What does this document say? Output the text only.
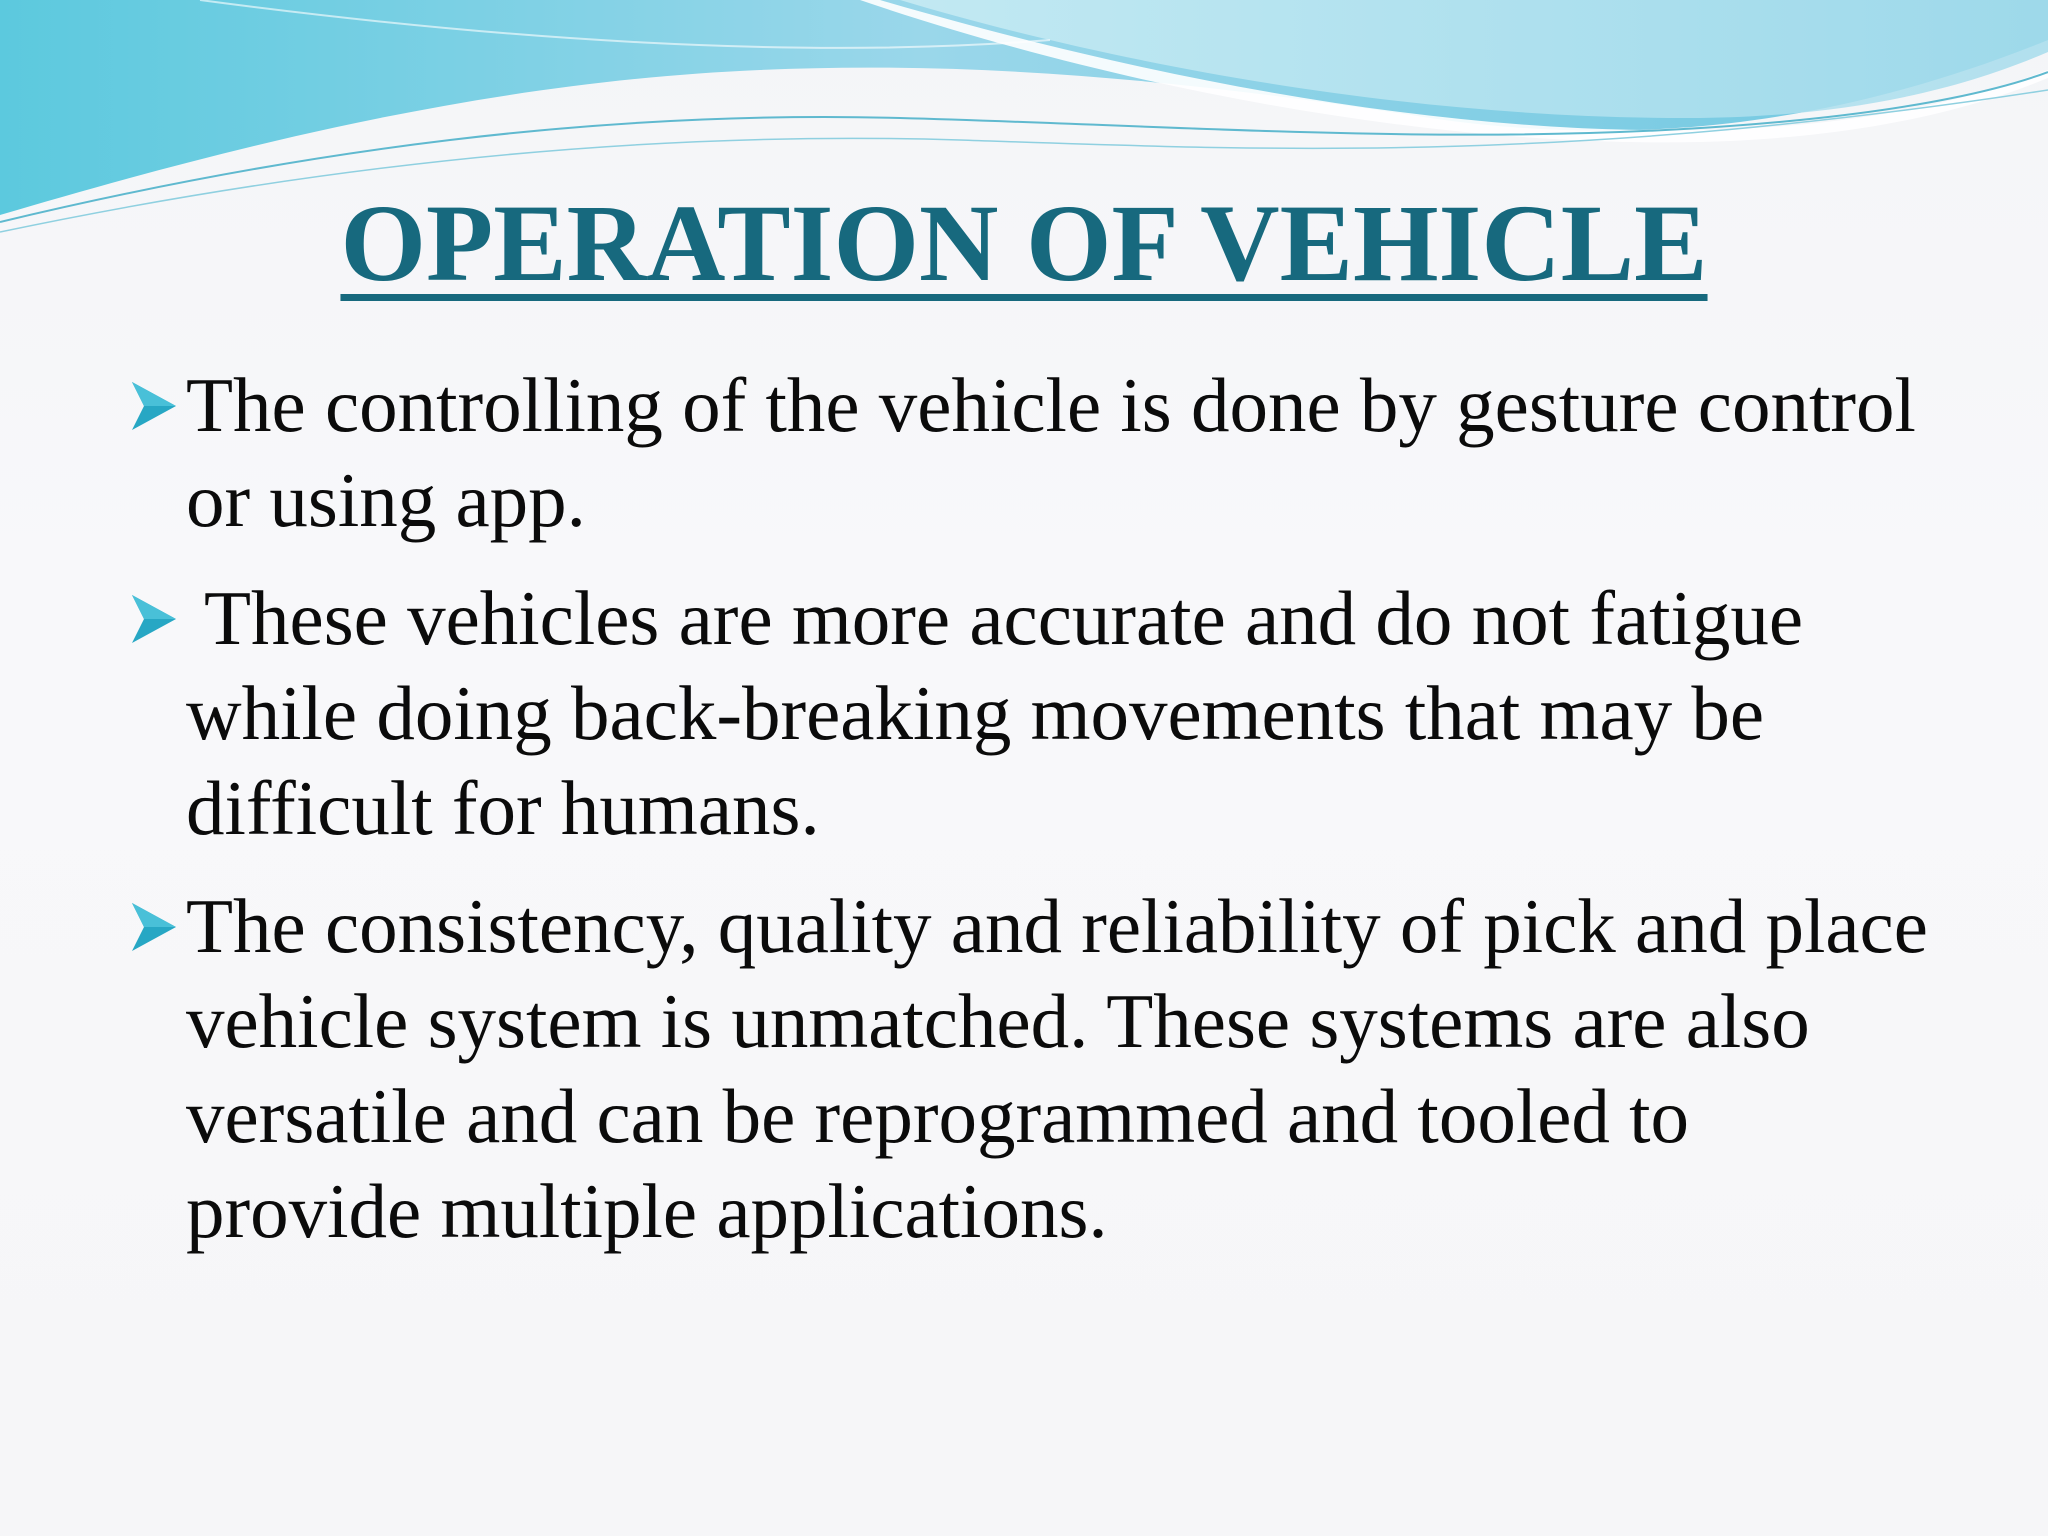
OPERATION OF VEHICLE
The controlling of the vehicle is done by gesture control or using app.
These vehicles are more accurate and do not fatigue while doing back-breaking movements that may be difficult for humans.
The consistency, quality and reliability of pick and place vehicle system is unmatched. These systems are also versatile and can be reprogrammed and tooled to provide multiple applications.
